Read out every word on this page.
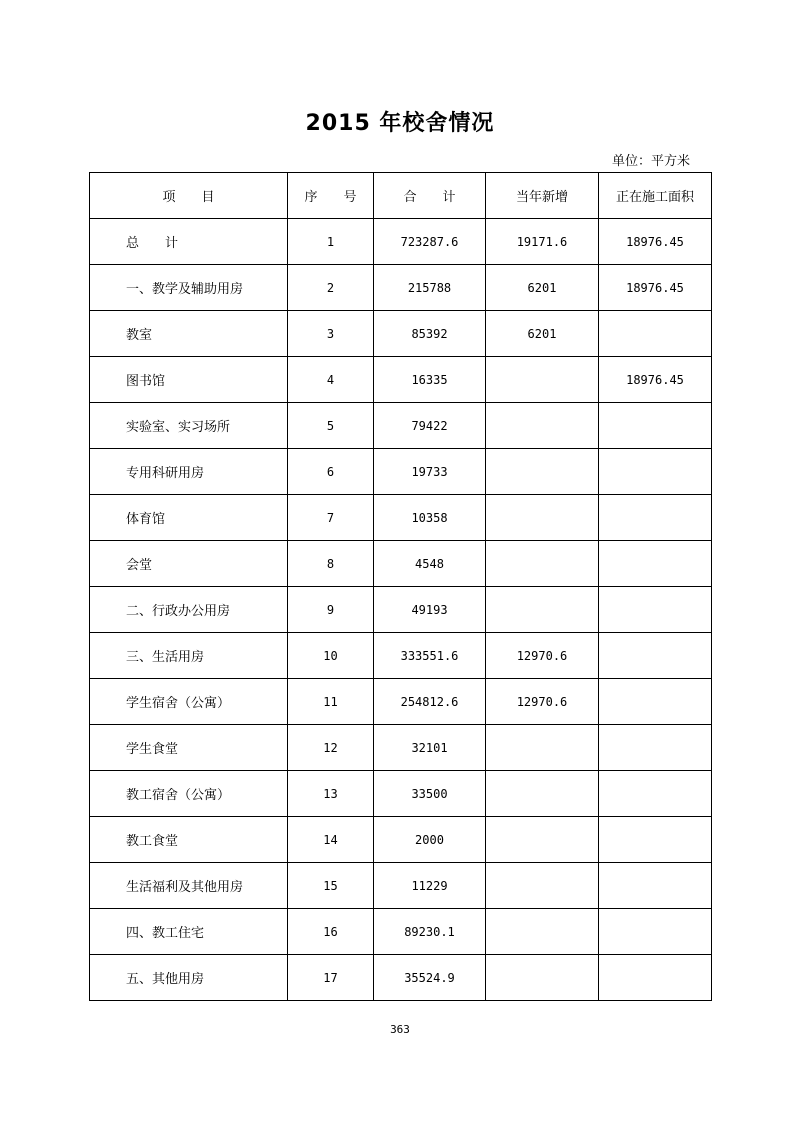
2015 年校舍情况
单位：平方米
项　　目	序　　号	合　　计	当年新增	正在施工面积
总　　计	1	723287.6	19171.6	18976.45
一、教学及辅助用房	2	215788	6201	18976.45
教室	3	85392	6201	
图书馆	4	16335		18976.45
实验室、实习场所	5	79422		
专用科研用房	6	19733		
体育馆	7	10358		
会堂	8	4548		
二、行政办公用房	9	49193		
三、生活用房	10	333551.6	12970.6	
学生宿舍（公寓）	11	254812.6	12970.6	
学生食堂	12	32101		
教工宿舍（公寓）	13	33500		
教工食堂	14	2000		
生活福利及其他用房	15	11229		
四、教工住宅	16	89230.1		
五、其他用房	17	35524.9		
363
